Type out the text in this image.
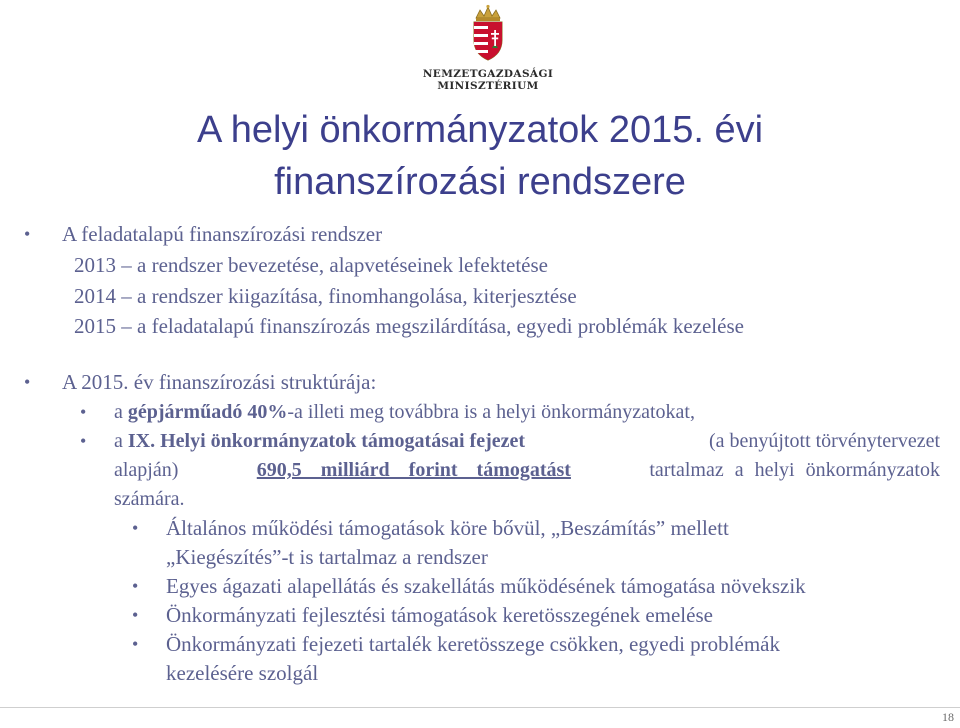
NEMZETGAZDASÁGI
MINISZTÉRIUM
A helyi önkormányzatok 2015. évi
finanszírozási rendszere
• A feladatalapú finanszírozási rendszer
2013 – a rendszer bevezetése, alapvetéseinek lefektetése
2014 – a rendszer kiigazítása, finomhangolása, kiterjesztése
2015 – a feladatalapú finanszírozás megszilárdítása, egyedi problémák kezelése
• A 2015. év finanszírozási struktúrája:
• a gépjárműadó 40%-a illeti meg továbbra is a helyi önkormányzatokat,
• a IX. Helyi önkormányzatok támogatásai fejezet	(a benyújtott törvénytervezet
alapján)	690,5 milliárd forint támogatást	tartalmaz a helyi önkormányzatok
számára.
• Általános működési támogatások köre bővül, „Beszámítás” mellett
„Kiegészítés”-t is tartalmaz a rendszer
• Egyes ágazati alapellátás és szakellátás működésének támogatása növekszik
• Önkormányzati fejlesztési támogatások keretösszegének emelése
• Önkormányzati fejezeti tartalék keretösszege csökken, egyedi problémák
kezelésére szolgál
18
